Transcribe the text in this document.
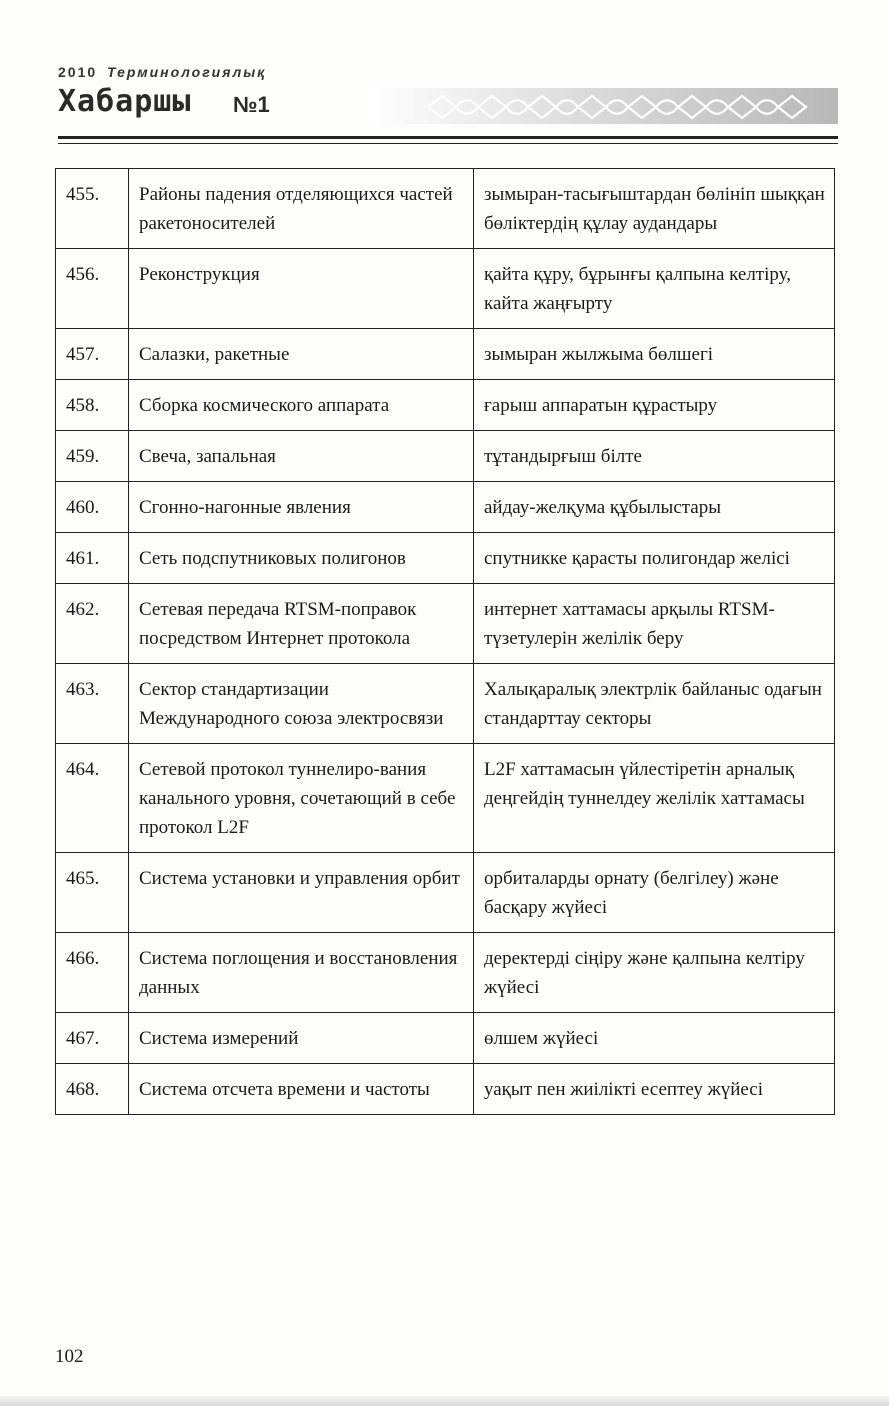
2010 Терминологиялық
Хабаршы №1
455.	Районы падения отделяющихся частей ракетоносителей	зымыран-тасығыштардан бөлініп шыққан бөліктердің құлау аудандары
456.	Реконструкция	қайта құру, бұрынғы қалпына келтіру, кайта жаңғырту
457.	Салазки, ракетные	зымыран жылжыма бөлшегі
458.	Сборка космического аппарата	ғарыш аппаратын құрастыру
459.	Свеча, запальная	тұтандырғыш білте
460.	Сгонно-нагонные явления	айдау-желқума құбылыстары
461.	Сеть подспутниковых полигонов	спутникке қарасты полигондар желісі
462.	Сетевая передача RTSM-поправок посредством Интернет протокола	интернет хаттамасы арқылы RTSM-түзетулерін желілік беру
463.	Сектор стандартизации Международного союза электросвязи	Халықаралық электрлік байланыс одағын стандарттау секторы
464.	Сетевой протокол туннелиро-вания канального уровня, сочетающий в себе протокол L2F	L2F хаттамасын үйлестіретін арналық деңгейдің туннелдеу желілік хаттамасы
465.	Система установки и управления орбит	орбиталарды орнату (белгілеу) және басқару жүйесі
466.	Система поглощения и восстановления данных	деректерді сіңіру және қалпына келтіру жүйесі
467.	Система измерений	өлшем жүйесі
468.	Система отсчета времени и частоты	уақыт пен жиілікті есептеу жүйесі
102
